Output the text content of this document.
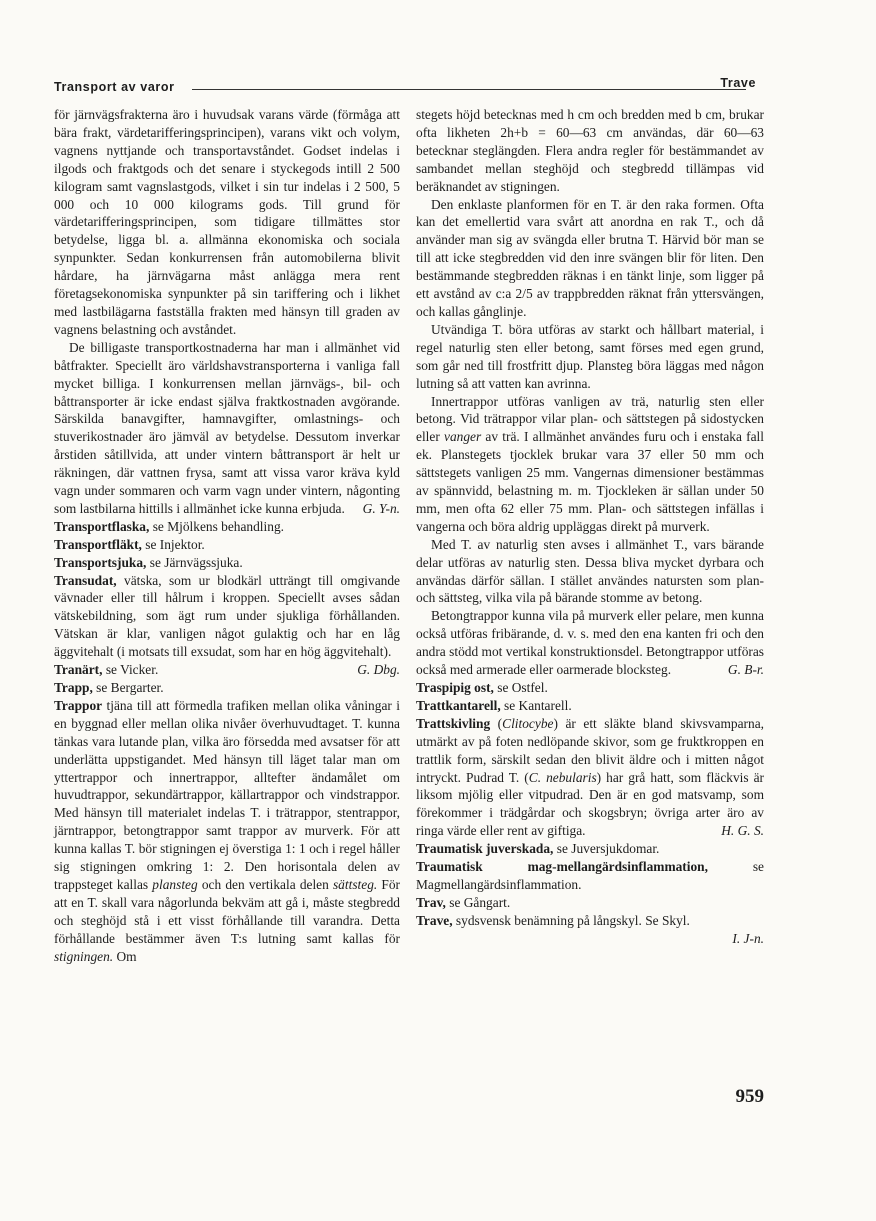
Transport av varor	Trave

för järnvägsfrakterna äro i huvudsak varans värde (förmåga att bära frakt, värdetarifferingsprincipen), varans vikt och volym, vagnens nyttjande och transportavståndet. Godset indelas i ilgods och fraktgods och det senare i styckegods intill 2 500 kilogram samt vagnslastgods, vilket i sin tur indelas i 2 500, 5 000 och 10 000 kilograms gods. Till grund för värdetarifferingsprincipen, som tidigare tillmättes stor betydelse, ligga bl. a. allmänna ekonomiska och sociala synpunkter. Sedan konkurrensen från automobilerna blivit hårdare, ha järnvägarna måst anlägga mera rent företagsekonomiska synpunkter på sin tariffering och i likhet med lastbilägarna fastställa frakten med hänsyn till graden av vagnens belastning och avståndet.

De billigaste transportkostnaderna har man i allmänhet vid båtfrakter. Speciellt äro världshavstransporterna i vanliga fall mycket billiga. I konkurrensen mellan järnvägs-, bil- och båttransporter är icke endast själva fraktkostnaden avgörande. Särskilda banavgifter, hamnavgifter, omlastnings- och stuverikostnader äro jämväl av betydelse. Dessutom inverkar årstiden såtillvida, att under vintern båttransport är helt ur räkningen, där vattnen frysa, samt att vissa varor kräva kyld vagn under sommaren och varm vagn under vintern, någonting som lastbilarna hittills i allmänhet icke kunna erbjuda.	G. Y-n.

Transportflaska, se Mjölkens behandling.

Transportfläkt, se Injektor.

Transportsjuka, se Järnvägssjuka.

Transudat, vätska, som ur blodkärl utträngt till omgivande vävnader eller till hålrum i kroppen. Speciellt avses sådan vätskebildning, som ägt rum under sjukliga förhållanden. Vätskan är klar, vanligen något gulaktig och har en låg äggvitehalt (i motsats till exsudat, som har en hög äggvitehalt).
G. Dbg.

Tranärt, se Vicker.

Trapp, se Bergarter.

Trappor tjäna till att förmedla trafiken mellan olika våningar i en byggnad eller mellan olika nivåer överhuvudtaget. T. kunna tänkas vara lutande plan, vilka äro försedda med avsatser för att underlätta uppstigandet. Med hänsyn till läget talar man om yttertrappor och innertrappor, alltefter ändamålet om huvudtrappor, sekundärtrappor, källartrappor och vindstrappor. Med hänsyn till materialet indelas T. i trätrappor, stentrappor, järntrappor, betongtrappor samt trappor av murverk. För att kunna kallas T. bör stigningen ej överstiga 1: 1 och i regel håller sig stigningen omkring 1: 2. Den horisontala delen av trappsteget kallas plansteg och den vertikala delen sättsteg. För att en T. skall vara någorlunda bekväm att gå i, måste stegbredd och steghöjd stå i ett visst förhållande till varandra. Detta förhållande bestämmer även T:s lutning samt kallas för stigningen. Om

stegets höjd betecknas med h cm och bredden med b cm, brukar ofta likheten 2h+b = 60—63 cm användas, där 60—63 betecknar steglängden. Flera andra regler för bestämmandet av sambandet mellan steghöjd och stegbredd tillämpas vid beräknandet av stigningen.

Den enklaste planformen för en T. är den raka formen. Ofta kan det emellertid vara svårt att anordna en rak T., och då använder man sig av svängda eller brutna T. Härvid bör man se till att icke stegbredden vid den inre svängen blir för liten. Den bestämmande stegbredden räknas i en tänkt linje, som ligger på ett avstånd av c:a 2/5 av trappbredden räknat från yttersvängen, och kallas gånglinje.

Utvändiga T. böra utföras av starkt och hållbart material, i regel naturlig sten eller betong, samt förses med egen grund, som går ned till frostfritt djup. Plansteg böra läggas med någon lutning så att vatten kan avrinna.

Innertrappor utföras vanligen av trä, naturlig sten eller betong. Vid trätrappor vilar plan- och sättstegen på sidostycken eller vanger av trä. I allmänhet användes furu och i enstaka fall ek. Planstegets tjocklek brukar vara 37 eller 50 mm och sättstegets vanligen 25 mm. Vangernas dimensioner bestämmas av spännvidd, belastning m. m. Tjockleken är sällan under 50 mm, men ofta 62 eller 75 mm. Plan- och sättstegen infällas i vangerna och böra aldrig uppläggas direkt på murverk.

Med T. av naturlig sten avses i allmänhet T., vars bärande delar utföras av naturlig sten. Dessa bliva mycket dyrbara och användas därför sällan. I stället användes natursten som plan- och sättsteg, vilka vila på bärande stomme av betong.

Betongtrappor kunna vila på murverk eller pelare, men kunna också utföras fribärande, d. v. s. med den ena kanten fri och den andra stödd mot vertikal konstruktionsdel. Betongtrappor utföras också med armerade eller oarmerade blocksteg.	G. B-r.

Traspipig ost, se Ostfel.

Trattkantarell, se Kantarell.

Trattskivling (Clitocybe) är ett släkte bland skivsvamparna, utmärkt av på foten nedlöpande skivor, som ge fruktkroppen en trattlik form, särskilt sedan den blivit äldre och i mitten något intryckt. Pudrad T. (C. nebularis) har grå hatt, som fläckvis är liksom mjölig eller vitpudrad. Den är en god matsvamp, som förekommer i trädgårdar och skogsbryn; övriga arter äro av ringa värde eller rent av giftiga.	H. G. S.

Traumatisk juverskada, se Juversjukdomar.

Traumatisk mag-mellangärdsinflammation, se Magmellangärdsinflammation.

Trav, se Gångart.

Trave, sydsvensk benämning på långskyl. Se Skyl.

I. J-n.

959
